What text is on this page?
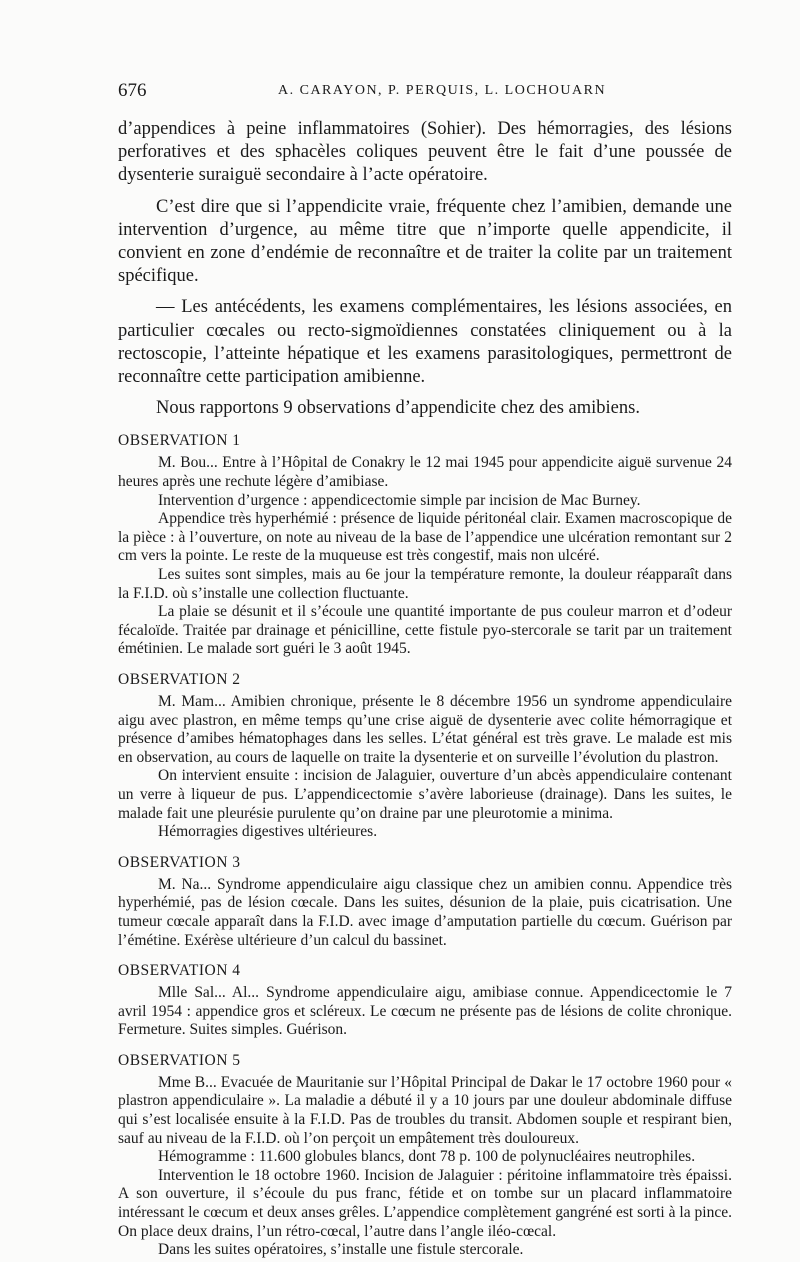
676	A. CARAYON, P. PERQUIS, L. LOCHOUARN

d’appendices à peine inflammatoires (Sohier). Des hémorragies, des lésions perforatives et des sphacèles coliques peuvent être le fait d’une poussée de dysenterie suraiguë secondaire à l’acte opératoire.

C’est dire que si l’appendicite vraie, fréquente chez l’amibien, demande une intervention d’urgence, au même titre que n’importe quelle appendicite, il convient en zone d’endémie de reconnaître et de traiter la colite par un traitement spécifique.

— Les antécédents, les examens complémentaires, les lésions associées, en particulier cœcales ou recto-sigmoïdiennes constatées cliniquement ou à la rectoscopie, l’atteinte hépatique et les examens parasitologiques, permettront de reconnaître cette participation amibienne.

Nous rapportons 9 observations d’appendicite chez des amibiens.

OBSERVATION 1

M. Bou... Entre à l’Hôpital de Conakry le 12 mai 1945 pour appendicite aiguë survenue 24 heures après une rechute légère d’amibiase.

Intervention d’urgence : appendicectomie simple par incision de Mac Burney.

Appendice très hyperhémié : présence de liquide péritonéal clair. Examen macroscopique de la pièce : à l’ouverture, on note au niveau de la base de l’appendice une ulcération remontant sur 2 cm vers la pointe. Le reste de la muqueuse est très congestif, mais non ulcéré.

Les suites sont simples, mais au 6e jour la température remonte, la douleur réapparaît dans la F.I.D. où s’installe une collection fluctuante.

La plaie se désunit et il s’écoule une quantité importante de pus couleur marron et d’odeur fécaloïde. Traitée par drainage et pénicilline, cette fistule pyo-stercorale se tarit par un traitement émétinien. Le malade sort guéri le 3 août 1945.

OBSERVATION 2

M. Mam... Amibien chronique, présente le 8 décembre 1956 un syndrome appendiculaire aigu avec plastron, en même temps qu’une crise aiguë de dysenterie avec colite hémorragique et présence d’amibes hématophages dans les selles. L’état général est très grave. Le malade est mis en observation, au cours de laquelle on traite la dysenterie et on surveille l’évolution du plastron.

On intervient ensuite : incision de Jalaguier, ouverture d’un abcès appendiculaire contenant un verre à liqueur de pus. L’appendicectomie s’avère laborieuse (drainage). Dans les suites, le malade fait une pleurésie purulente qu’on draine par une pleurotomie a minima.

Hémorragies digestives ultérieures.

OBSERVATION 3

M. Na... Syndrome appendiculaire aigu classique chez un amibien connu. Appendice très hyperhémié, pas de lésion cœcale. Dans les suites, désunion de la plaie, puis cicatrisation. Une tumeur cœcale apparaît dans la F.I.D. avec image d’amputation partielle du cœcum. Guérison par l’émétine. Exérèse ultérieure d’un calcul du bassinet.

OBSERVATION 4

Mlle Sal... Al... Syndrome appendiculaire aigu, amibiase connue. Appendicectomie le 7 avril 1954 : appendice gros et scléreux. Le cœcum ne présente pas de lésions de colite chronique. Fermeture. Suites simples. Guérison.

OBSERVATION 5

Mme B... Evacuée de Mauritanie sur l’Hôpital Principal de Dakar le 17 octobre 1960 pour « plastron appendiculaire ». La maladie a débuté il y a 10 jours par une douleur abdominale diffuse qui s’est localisée ensuite à la F.I.D. Pas de troubles du transit. Abdomen souple et respirant bien, sauf au niveau de la F.I.D. où l’on perçoit un empâtement très douloureux.

Hémogramme : 11.600 globules blancs, dont 78 p. 100 de polynucléaires neutrophiles.

Intervention le 18 octobre 1960. Incision de Jalaguier : péritoine inflammatoire très épaissi. A son ouverture, il s’écoule du pus franc, fétide et on tombe sur un placard inflammatoire intéressant le cœcum et deux anses grêles. L’appendice complètement gangréné est sorti à la pince. On place deux drains, l’un rétro-cœcal, l’autre dans l’angle iléo-cœcal.

Dans les suites opératoires, s’installe une fistule stercorale.
